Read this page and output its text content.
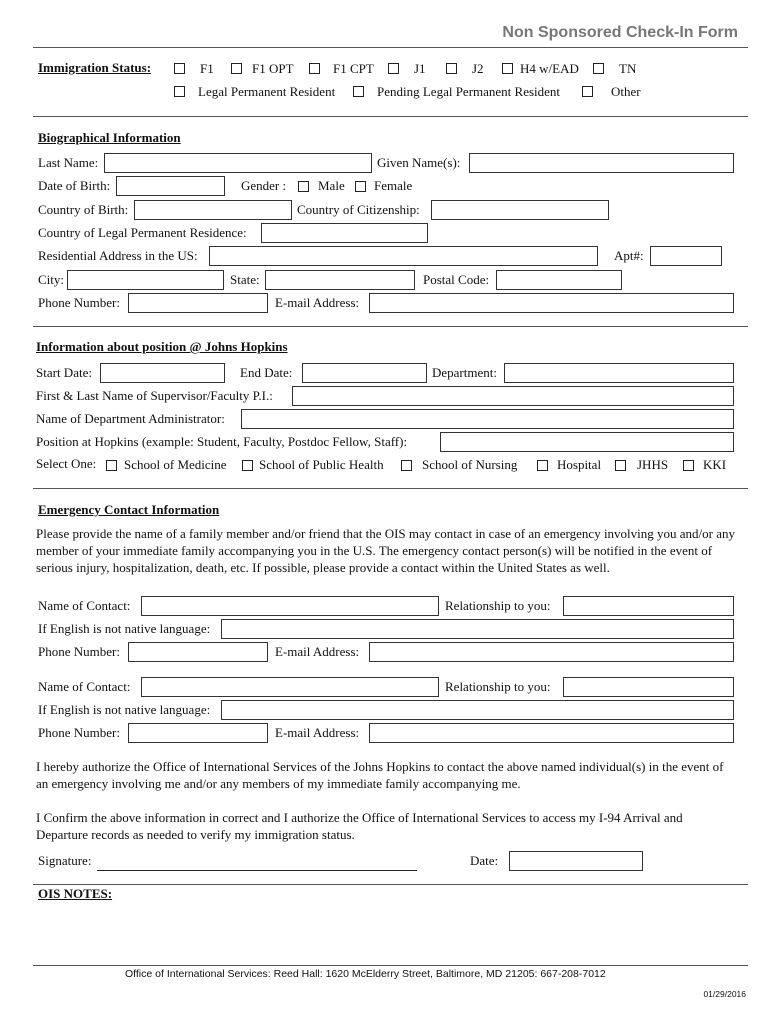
Non Sponsored Check-In Form
Immigration Status:	F1	F1 OPT	F1 CPT	J1	J2	H4 w/EAD	TN
Legal Permanent Resident	Pending Legal Permanent Resident	Other
Biographical Information
Last Name:	Given Name(s):
Date of Birth:	Gender : Male Female
Country of Birth:	Country of Citizenship:
Country of Legal Permanent Residence:
Residential Address in the US:	Apt#:
City:	State:	Postal Code:
Phone Number:	E-mail Address:
Information about position @ Johns Hopkins
Start Date:	End Date:	Department:
First & Last Name of Supervisor/Faculty P.I.:
Name of Department Administrator:
Position at Hopkins (example: Student, Faculty, Postdoc Fellow, Staff):
Select One: School of Medicine School of Public Health	School of Nursing	Hospital	JHHS	KKI
Emergency Contact Information
Please provide the name of a family member and/or friend that the OIS may contact in case of an emergency involving you and/or any member of your immediate family accompanying you in the U.S. The emergency contact person(s) will be notified in the event of serious injury, hospitalization, death, etc. If possible, please provide a contact within the United States as well.
Name of Contact:	Relationship to you:
If English is not native language:
Phone Number:	E-mail Address:
Name of Contact:	Relationship to you:
If English is not native language:
Phone Number:	E-mail Address:
I hereby authorize the Office of International Services of the Johns Hopkins to contact the above named individual(s) in the event of an emergency involving me and/or any members of my immediate family accompanying me.
I Confirm the above information in correct and I authorize the Office of International Services to access my I-94 Arrival and Departure records as needed to verify my immigration status.
Signature:	Date:
OIS NOTES:
Office of International Services: Reed Hall: 1620 McElderry Street, Baltimore, MD 21205: 667-208-7012
01/29/2016
